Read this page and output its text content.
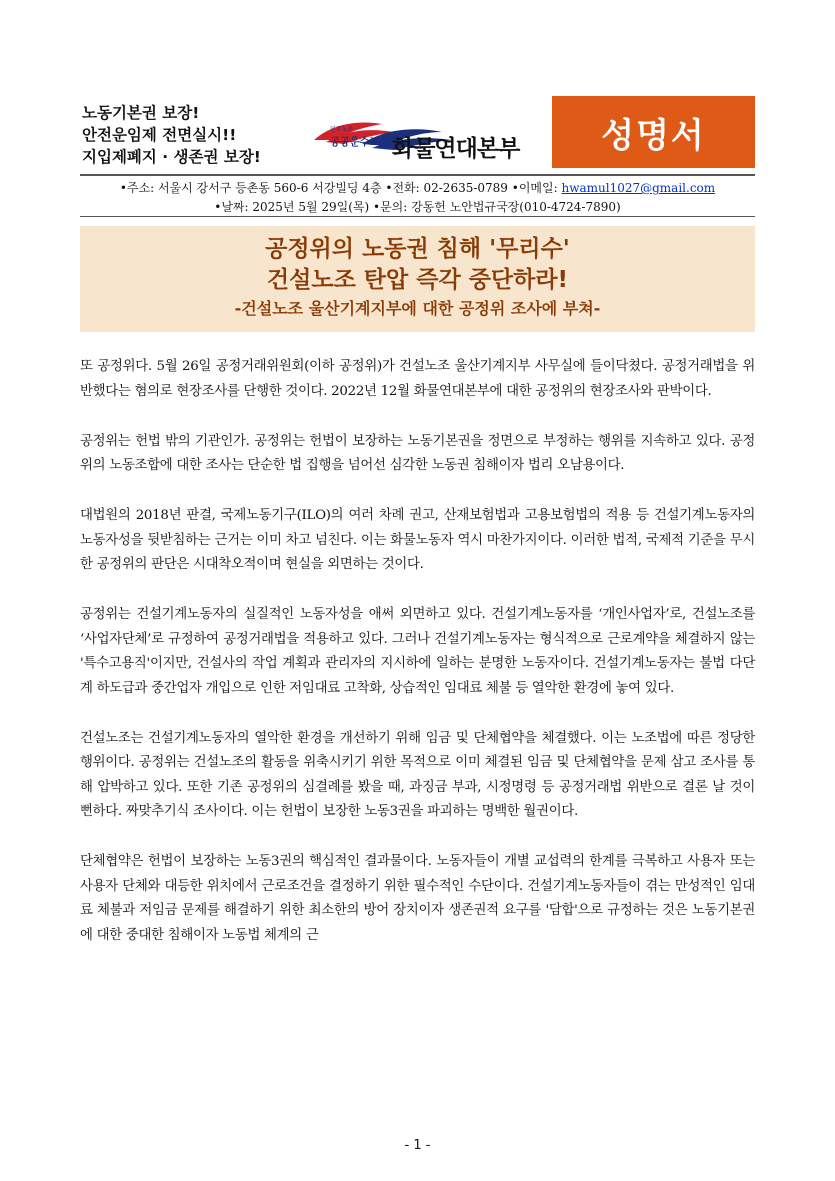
노동기본권 보장!
안전운임제 전면실시!!
지입제폐지 · 생존권 보장!
민주노총
공공운수노조 화물연대본부 성명서
•주소: 서울시 강서구 등촌동 560-6 서강빌딩 4층 •전화: 02-2635-0789 •이메일: hwamul1027@gmail.com
•날짜: 2025년 5월 29일(목) •문의: 강동헌 노안법규국장(010-4724-7890)
공정위의 노동권 침해 '무리수'
건설노조 탄압 즉각 중단하라!
-건설노조 울산기계지부에 대한 공정위 조사에 부쳐-

또 공정위다. 5월 26일 공정거래위원회(이하 공정위)가 건설노조 울산기계지부 사무실에 들이닥쳤다. 공정거래법을 위반했다는 혐의로 현장조사를 단행한 것이다. 2022년 12월 화물연대본부에 대한 공정위의 현장조사와 판박이다.

공정위는 헌법 밖의 기관인가. 공정위는 헌법이 보장하는 노동기본권을 정면으로 부정하는 행위를 지속하고 있다. 공정위의 노동조합에 대한 조사는 단순한 법 집행을 넘어선 심각한 노동권 침해이자 법리 오남용이다.

대법원의 2018년 판결, 국제노동기구(ILO)의 여러 차례 권고, 산재보험법과 고용보험법의 적용 등 건설기계노동자의 노동자성을 뒷받침하는 근거는 이미 차고 넘친다. 이는 화물노동자 역시 마찬가지이다. 이러한 법적, 국제적 기준을 무시한 공정위의 판단은 시대착오적이며 현실을 외면하는 것이다.

공정위는 건설기계노동자의 실질적인 노동자성을 애써 외면하고 있다. 건설기계노동자를 ‘개인사업자’로, 건설노조를 ‘사업자단체’로 규정하여 공정거래법을 적용하고 있다. 그러나 건설기계노동자는 형식적으로 근로계약을 체결하지 않는 '특수고용직'이지만, 건설사의 작업 계획과 관리자의 지시하에 일하는 분명한 노동자이다. 건설기계노동자는 불법 다단계 하도급과 중간업자 개입으로 인한 저임대료 고착화, 상습적인 임대료 체불 등 열악한 환경에 놓여 있다.

건설노조는 건설기계노동자의 열악한 환경을 개선하기 위해 임금 및 단체협약을 체결했다. 이는 노조법에 따른 정당한 행위이다. 공정위는 건설노조의 활동을 위축시키기 위한 목적으로 이미 체결된 임금 및 단체협약을 문제 삼고 조사를 통해 압박하고 있다. 또한 기존 공정위의 심결례를 봤을 때, 과징금 부과, 시정명령 등 공정거래법 위반으로 결론 날 것이 뻔하다. 짜맞추기식 조사이다. 이는 헌법이 보장한 노동3권을 파괴하는 명백한 월권이다.

단체협약은 헌법이 보장하는 노동3권의 핵심적인 결과물이다. 노동자들이 개별 교섭력의 한계를 극복하고 사용자 또는 사용자 단체와 대등한 위치에서 근로조건을 결정하기 위한 필수적인 수단이다. 건설기계노동자들이 겪는 만성적인 임대료 체불과 저임금 문제를 해결하기 위한 최소한의 방어 장치이자 생존권적 요구를 '담합'으로 규정하는 것은 노동기본권에 대한 중대한 침해이자 노동법 체계의 근

- 1 -
